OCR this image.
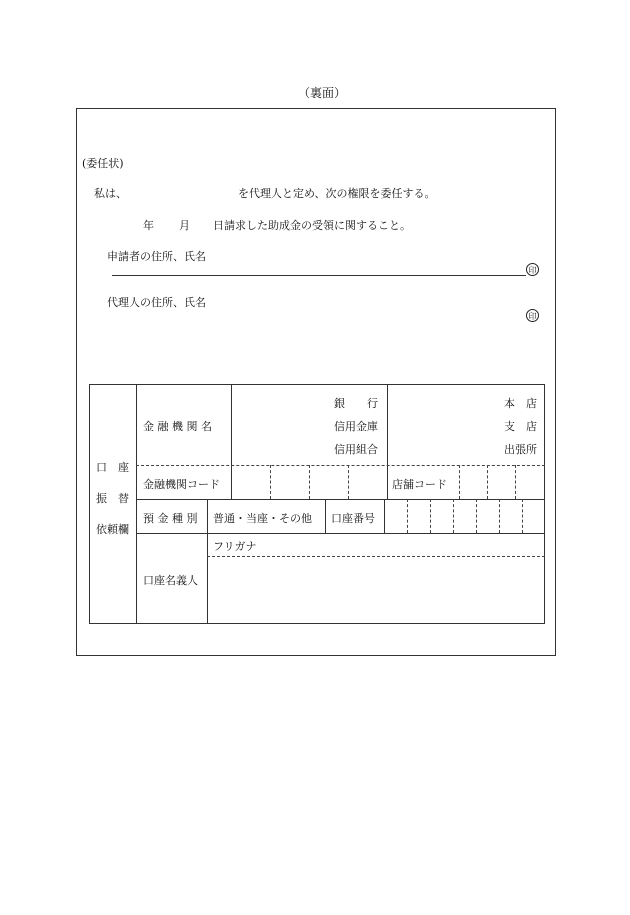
（裏面）
(委任状)
私は、	を代理人と定め、次の権限を委任する。
年 月 日請求した助成金の受領に関すること。
申請者の住所、氏名
印
代理人の住所、氏名
印
口　座
振　替
依頼欄
金 融 機 関 名
銀　　行
信用金庫
信用組合
本　店
支　店
出張所
金融機関コード	店舗コード
預 金 種 別 普通・当座・その他 口座番号
フリガナ
口座名義人
